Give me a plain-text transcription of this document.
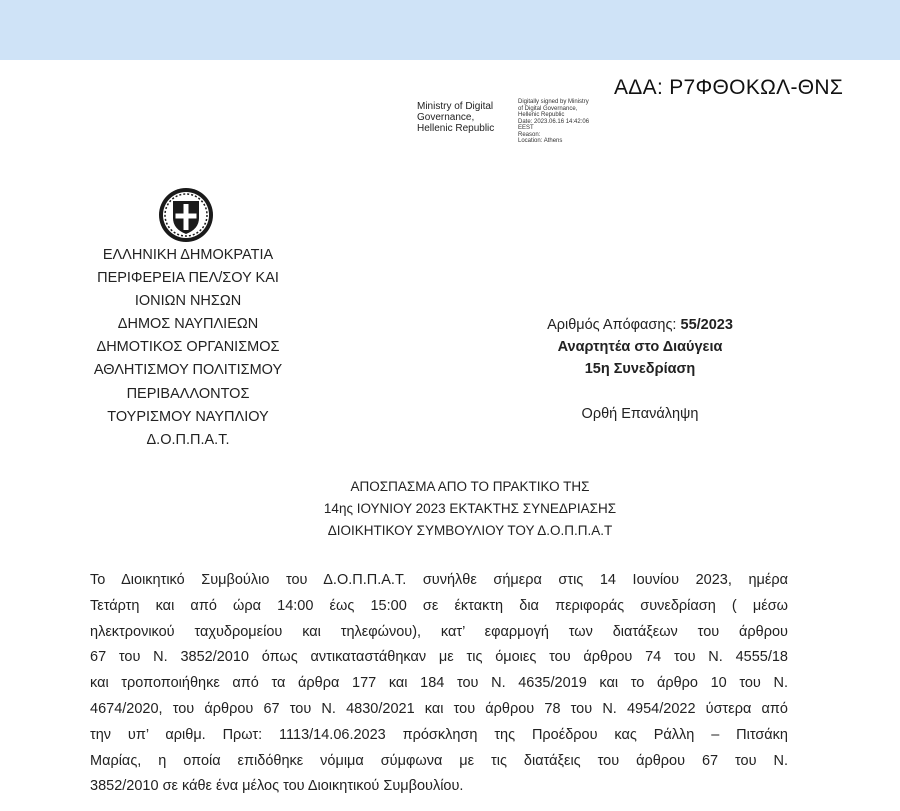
ΑΔΑ: Ρ7ΦΘΟΚΩΛ-ΘΝΣ
Ministry of Digital
Governance,
Hellenic Republic
Digitally signed by Ministry
of Digital Governance,
Hellenic Republic
Date: 2023.06.16 14:42:06
EEST
Reason:
Location: Athens
ΕΛΛΗΝΙΚΗ ΔΗΜΟΚΡΑΤΙΑ
ΠΕΡΙΦΕΡΕΙΑ ΠΕΛ/ΣΟΥ ΚΑΙ
ΙΟΝΙΩΝ ΝΗΣΩΝ
ΔΗΜΟΣ ΝΑΥΠΛΙΕΩΝ
ΔΗΜΟΤΙΚΟΣ ΟΡΓΑΝΙΣΜΟΣ
ΑΘΛΗΤΙΣΜΟΥ ΠΟΛΙΤΙΣΜΟΥ
ΠΕΡΙΒΑΛΛΟΝΤΟΣ
ΤΟΥΡΙΣΜΟΥ ΝΑΥΠΛΙΟΥ
Δ.Ο.Π.Π.Α.Τ.
Αριθμός Απόφασης: 55/2023
Αναρτητέα στο Διαύγεια
15η Συνεδρίαση
Ορθή Επανάληψη
ΑΠΟΣΠΑΣΜΑ ΑΠΟ ΤΟ ΠΡΑΚΤΙΚΟ ΤΗΣ
14ης ΙΟΥΝΙΟΥ 2023 ΕΚΤΑΚΤΗΣ ΣΥΝΕΔΡΙΑΣΗΣ
ΔΙΟΙΚΗΤΙΚΟΥ ΣΥΜΒΟΥΛΙΟΥ ΤΟΥ Δ.Ο.Π.Π.Α.Τ
Το Διοικητικό Συμβούλιο του Δ.Ο.Π.Π.Α.Τ. συνήλθε σήμερα στις 14 Ιουνίου 2023, ημέρα
Τετάρτη και από ώρα 14:00 έως 15:00 σε έκτακτη δια περιφοράς συνεδρίαση ( μέσω
ηλεκτρονικού ταχυδρομείου και τηλεφώνου), κατ’ εφαρμογή των διατάξεων του άρθρου
67 του Ν. 3852/2010 όπως αντικαταστάθηκαν με τις όμοιες του άρθρου 74 του Ν. 4555/18
και τροποποιήθηκε από τα άρθρα 177 και 184 του Ν. 4635/2019 και το άρθρο 10 του Ν.
4674/2020, του άρθρου 67 του Ν. 4830/2021 και του άρθρου 78 του Ν. 4954/2022 ύστερα από
την υπ’ αριθμ. Πρωτ: 1113/14.06.2023 πρόσκληση της Προέδρου κας Ράλλη – Πιτσάκη
Μαρίας, η οποία επιδόθηκε νόμιμα σύμφωνα με τις διατάξεις του άρθρου 67 του Ν.
3852/2010 σε κάθε ένα μέλος του Διοικητικού Συμβουλίου.
